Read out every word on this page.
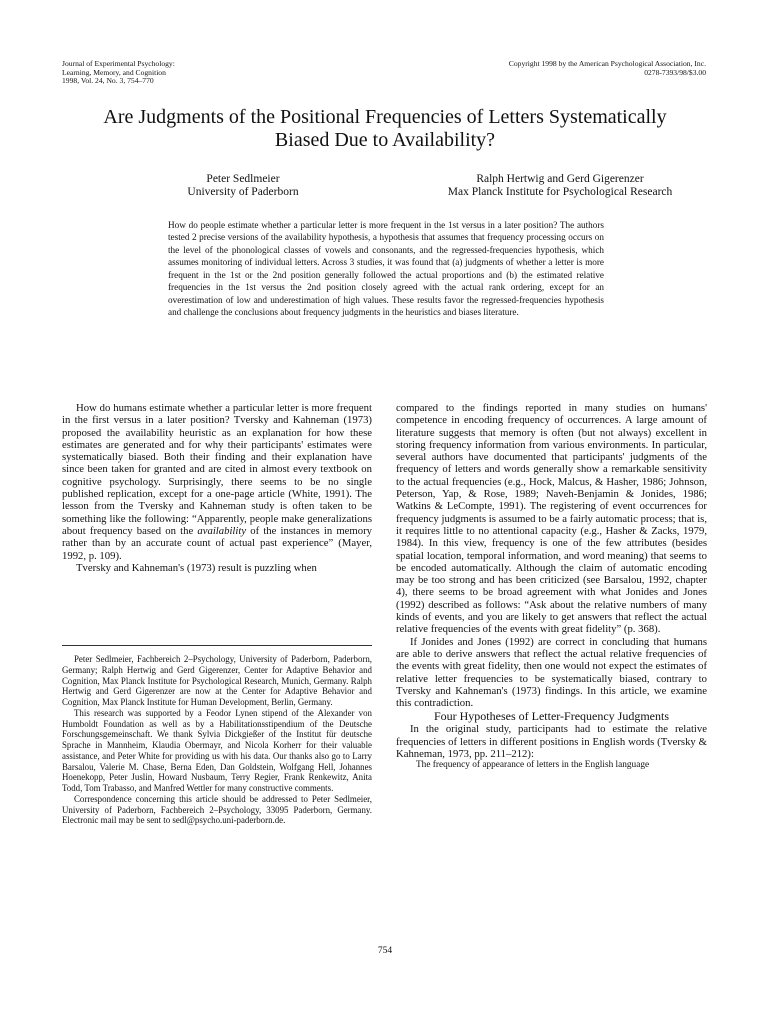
Journal of Experimental Psychology:
Learning, Memory, and Cognition
1998, Vol. 24, No. 3, 754–770
Copyright 1998 by the American Psychological Association, Inc.
0278-7393/98/$3.00
Are Judgments of the Positional Frequencies of Letters Systematically
Biased Due to Availability?
Peter Sedlmeier
University of Paderborn
Ralph Hertwig and Gerd Gigerenzer
Max Planck Institute for Psychological Research
How do people estimate whether a particular letter is more frequent in the 1st versus in a later position? The authors tested 2 precise versions of the availability hypothesis, a hypothesis that assumes that frequency processing occurs on the level of the phonological classes of vowels and consonants, and the regressed-frequencies hypothesis, which assumes monitoring of individual letters. Across 3 studies, it was found that (a) judgments of whether a letter is more frequent in the 1st or the 2nd position generally followed the actual proportions and (b) the estimated relative frequencies in the 1st versus the 2nd position closely agreed with the actual rank ordering, except for an overestimation of low and underestimation of high values. These results favor the regressed-frequencies hypothesis and challenge the conclusions about frequency judgments in the heuristics and biases literature.

How do humans estimate whether a particular letter is more frequent in the first versus in a later position? Tversky and Kahneman (1973) proposed the availability heuristic as an explanation for how these estimates are generated and for why their participants' estimates were systematically biased. Both their finding and their explanation have since been taken for granted and are cited in almost every textbook on cognitive psychology. Surprisingly, there seems to be no single published replication, except for a one-page article (White, 1991). The lesson from the Tversky and Kahneman study is often taken to be something like the following: “Apparently, people make generalizations about frequency based on the availability of the instances in memory rather than by an accurate count of actual past experience” (Mayer, 1992, p. 109).

Tversky and Kahneman's (1973) result is puzzling when

Peter Sedlmeier, Fachbereich 2–Psychology, University of Paderborn, Paderborn, Germany; Ralph Hertwig and Gerd Gigerenzer, Center for Adaptive Behavior and Cognition, Max Planck Institute for Psychological Research, Munich, Germany. Ralph Hertwig and Gerd Gigerenzer are now at the Center for Adaptive Behavior and Cognition, Max Planck Institute for Human Development, Berlin, Germany.

This research was supported by a Feodor Lynen stipend of the Alexander von Humboldt Foundation as well as by a Habilitationsstipendium of the Deutsche Forschungsgemeinschaft. We thank Sylvia Dickgießer of the Institut für deutsche Sprache in Mannheim, Klaudia Obermayr, and Nicola Korherr for their valuable assistance, and Peter White for providing us with his data. Our thanks also go to Larry Barsalou, Valerie M. Chase, Berna Eden, Dan Goldstein, Wolfgang Hell, Johannes Hoenekopp, Peter Juslin, Howard Nusbaum, Terry Regier, Frank Renkewitz, Anita Todd, Tom Trabasso, and Manfred Wettler for many constructive comments.

Correspondence concerning this article should be addressed to Peter Sedlmeier, University of Paderborn, Fachbereich 2–Psychology, 33095 Paderborn, Germany. Electronic mail may be sent to sedl@psycho.uni-paderborn.de.

compared to the findings reported in many studies on humans' competence in encoding frequency of occurrences. A large amount of literature suggests that memory is often (but not always) excellent in storing frequency information from various environments. In particular, several authors have documented that participants' judgments of the frequency of letters and words generally show a remarkable sensitivity to the actual frequencies (e.g., Hock, Malcus, & Hasher, 1986; Johnson, Peterson, Yap, & Rose, 1989; Naveh-Benjamin & Jonides, 1986; Watkins & LeCompte, 1991). The registering of event occurrences for frequency judgments is assumed to be a fairly automatic process; that is, it requires little to no attentional capacity (e.g., Hasher & Zacks, 1979, 1984). In this view, frequency is one of the few attributes (besides spatial location, temporal information, and word meaning) that seems to be encoded automatically. Although the claim of automatic encoding may be too strong and has been criticized (see Barsalou, 1992, chapter 4), there seems to be broad agreement with what Jonides and Jones (1992) described as follows: “Ask about the relative numbers of many kinds of events, and you are likely to get answers that reflect the actual relative frequencies of the events with great fidelity” (p. 368).

If Jonides and Jones (1992) are correct in concluding that humans are able to derive answers that reflect the actual relative frequencies of the events with great fidelity, then one would not expect the estimates of relative letter frequencies to be systematically biased, contrary to Tversky and Kahneman's (1973) findings. In this article, we examine this contradiction.

Four Hypotheses of Letter-Frequency Judgments

In the original study, participants had to estimate the relative frequencies of letters in different positions in English words (Tversky & Kahneman, 1973, pp. 211–212):

The frequency of appearance of letters in the English language

754
